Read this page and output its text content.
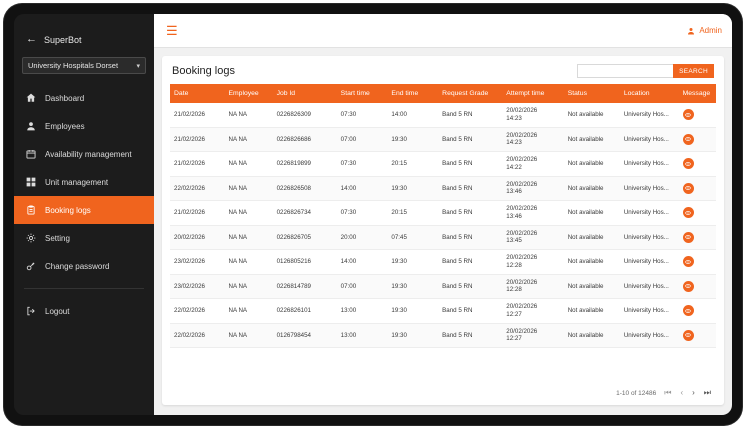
← SuperBot
University Hospitals Dorset	▾
Dashboard
Employees
Availability management
Unit management
Booking logs
Setting
Change password
Logout
☰	Admin
Booking logs	SEARCH
Date	Employee	Job Id	Start time	End time	Request Grade	Attempt time	Status	Location	Message
21/02/2026	NA NA	0226826309	07:30	14:00	Band 5 RN	20/02/2026
14:23	Not available	University Hos...	

21/02/2026	NA NA	0226826686	07:00	19:30	Band 5 RN	20/02/2026
14:23	Not available	University Hos...	

21/02/2026	NA NA	0226819899	07:30	20:15	Band 5 RN	20/02/2026
14:22	Not available	University Hos...	

22/02/2026	NA NA	0226826508	14:00	19:30	Band 5 RN	20/02/2026
13:46	Not available	University Hos...	

21/02/2026	NA NA	0226826734	07:30	20:15	Band 5 RN	20/02/2026
13:46	Not available	University Hos...	

20/02/2026	NA NA	0226826705	20:00	07:45	Band 5 RN	20/02/2026
13:45	Not available	University Hos...	

23/02/2026	NA NA	0126805216	14:00	19:30	Band 5 RN	20/02/2026
12:28	Not available	University Hos...	

23/02/2026	NA NA	0226814789	07:00	19:30	Band 5 RN	20/02/2026
12:28	Not available	University Hos...	

22/02/2026	NA NA	0226826101	13:00	19:30	Band 5 RN	20/02/2026
12:27	Not available	University Hos...	

22/02/2026	NA NA	0126798454	13:00	19:30	Band 5 RN	20/02/2026
12:27	Not available	University Hos...	
1-10 of 12486 ⏮ ‹ › ⏭
